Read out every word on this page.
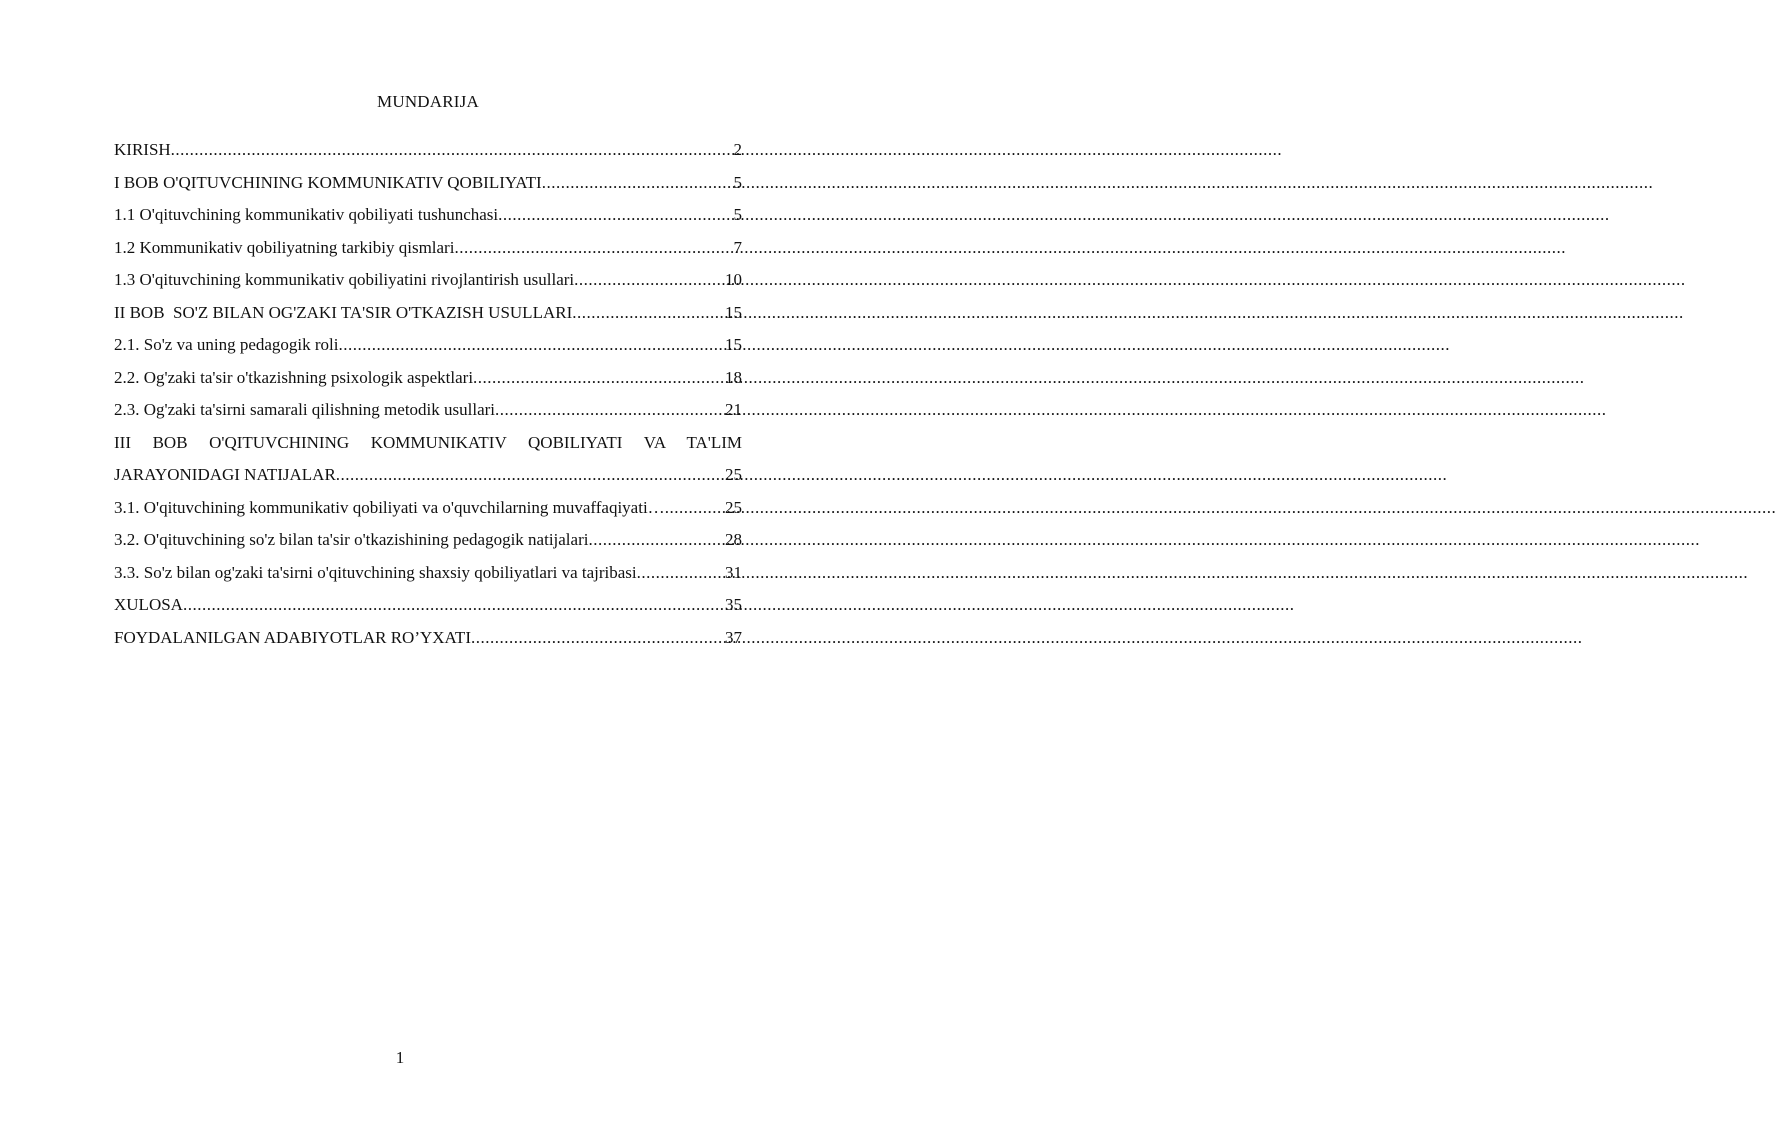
MUNDARIJA
KIRISH .....	2
I BOB O'QITUVCHINING KOMMUNIKATIV QOBILIYATI .....	5
1.1 O'qituvchining kommunikativ qobiliyati tushunchasi .....	5
1.2 Kommunikativ qobiliyatning tarkibiy qismlari .....	7
1.3 O'qituvchining kommunikativ qobiliyatini rivojlantirish usullari .....	10
II BOB  SO'Z BILAN OG'ZAKI TA'SIR O'TKAZISH USULLARI .....	15
2.1. So'z va uning pedagogik roli .....	15
2.2. Og'zaki ta'sir o'tkazishning psixologik aspektlari .....	18
2.3. Og'zaki ta'sirni samarali qilishning metodik usullari .....	21
III BOB O'QITUVCHINING KOMMUNIKATIV QOBILIYATI VA TA'LIM
JARAYONIDAGI NATIJALAR .....	25
3.1. O'qituvchining kommunikativ qobiliyati va o'quvchilarning muvaffaqiyati… .....	25
3.2. O'qituvchining so'z bilan ta'sir o'tkazishining pedagogik natijalari .....	28
3.3. So'z bilan og'zaki ta'sirni o'qituvchining shaxsiy qobiliyatlari va tajribasi .....	31
XULOSA .....	35
FOYDALANILGAN ADABIYOTLAR RO’YXATI .....	37
1
